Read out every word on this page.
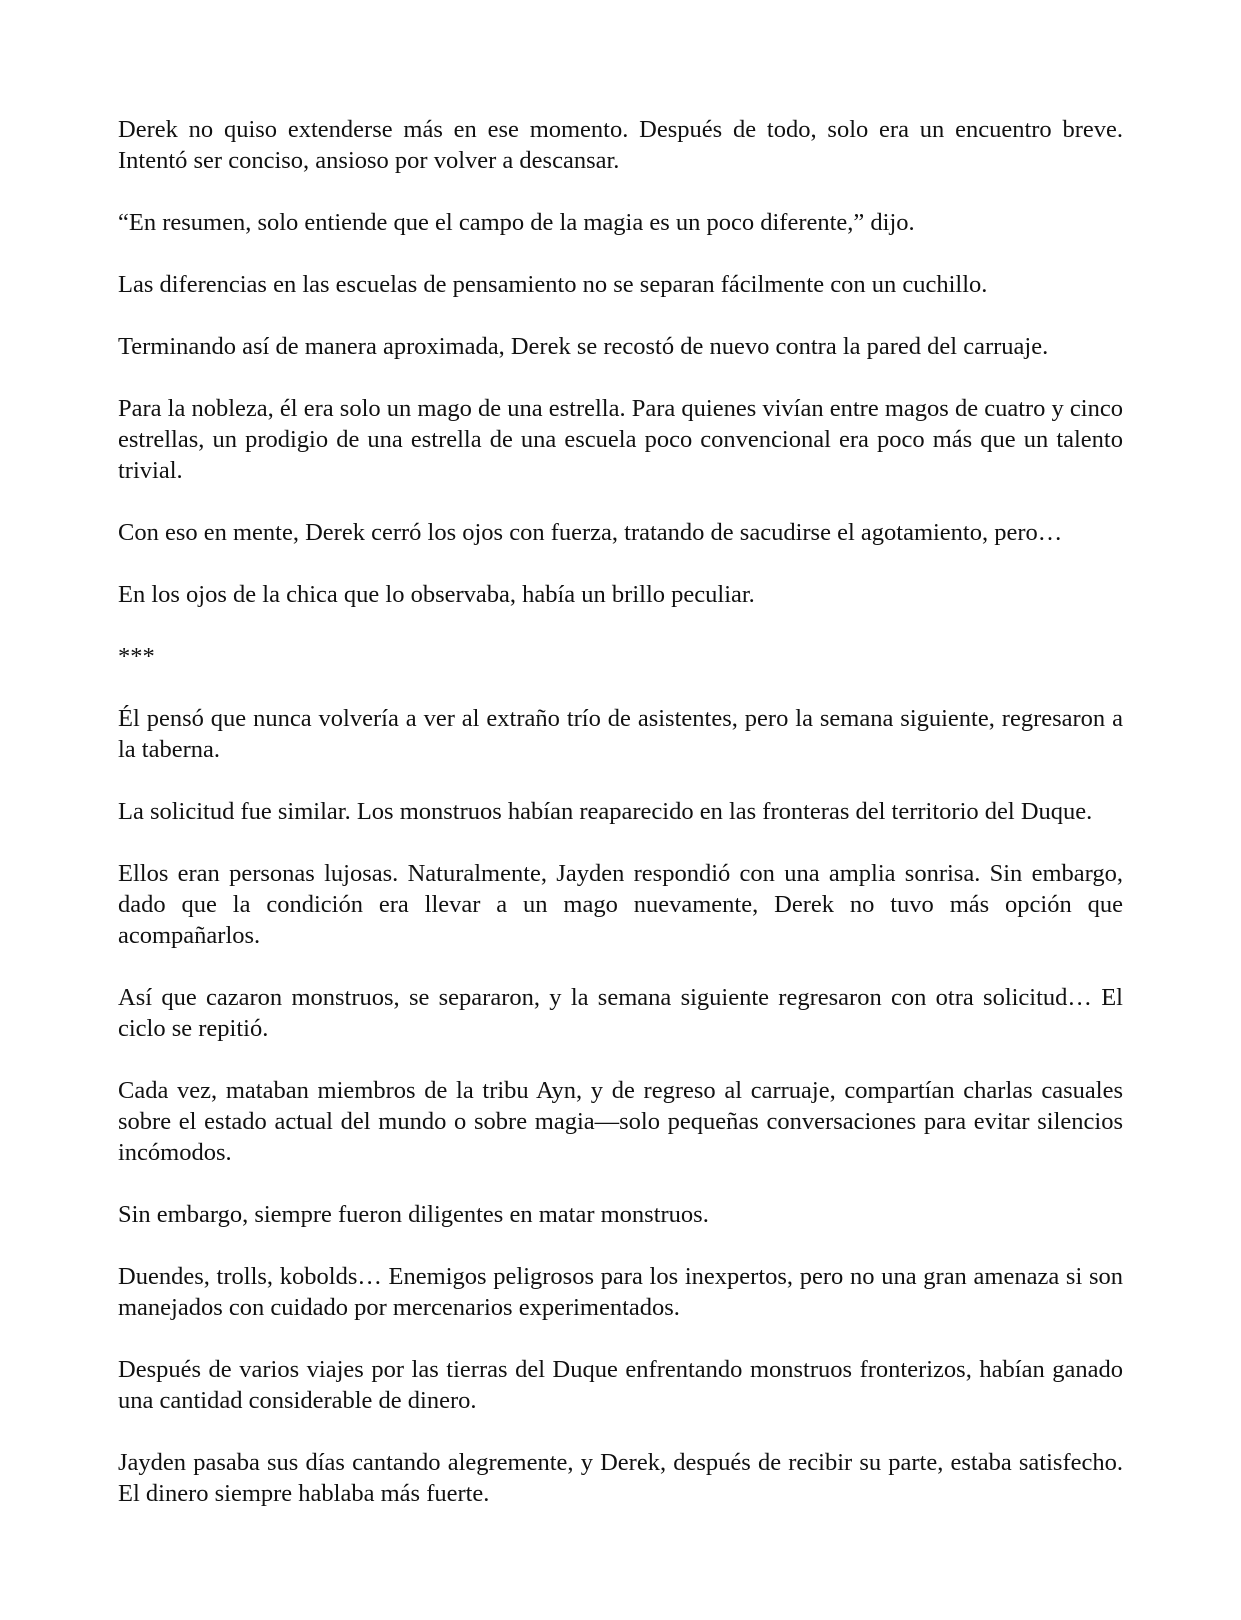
Derek no quiso extenderse más en ese momento. Después de todo, solo era un encuentro breve. Intentó ser conciso, ansioso por volver a descansar.

“En resumen, solo entiende que el campo de la magia es un poco diferente,” dijo.

Las diferencias en las escuelas de pensamiento no se separan fácilmente con un cuchillo.

Terminando así de manera aproximada, Derek se recostó de nuevo contra la pared del carruaje.

Para la nobleza, él era solo un mago de una estrella. Para quienes vivían entre magos de cuatro y cinco estrellas, un prodigio de una estrella de una escuela poco convencional era poco más que un talento trivial.

Con eso en mente, Derek cerró los ojos con fuerza, tratando de sacudirse el agotamiento, pero…

En los ojos de la chica que lo observaba, había un brillo peculiar.

***

Él pensó que nunca volvería a ver al extraño trío de asistentes, pero la semana siguiente, regresaron a la taberna.

La solicitud fue similar. Los monstruos habían reaparecido en las fronteras del territorio del Duque.

Ellos eran personas lujosas. Naturalmente, Jayden respondió con una amplia sonrisa. Sin embargo, dado que la condición era llevar a un mago nuevamente, Derek no tuvo más opción que acompañarlos.

Así que cazaron monstruos, se separaron, y la semana siguiente regresaron con otra solicitud… El ciclo se repitió.

Cada vez, mataban miembros de la tribu Ayn, y de regreso al carruaje, compartían charlas casuales sobre el estado actual del mundo o sobre magia—solo pequeñas conversaciones para evitar silencios incómodos.

Sin embargo, siempre fueron diligentes en matar monstruos.

Duendes, trolls, kobolds… Enemigos peligrosos para los inexpertos, pero no una gran amenaza si son manejados con cuidado por mercenarios experimentados.

Después de varios viajes por las tierras del Duque enfrentando monstruos fronterizos, habían ganado una cantidad considerable de dinero.

Jayden pasaba sus días cantando alegremente, y Derek, después de recibir su parte, estaba satisfecho. El dinero siempre hablaba más fuerte.
